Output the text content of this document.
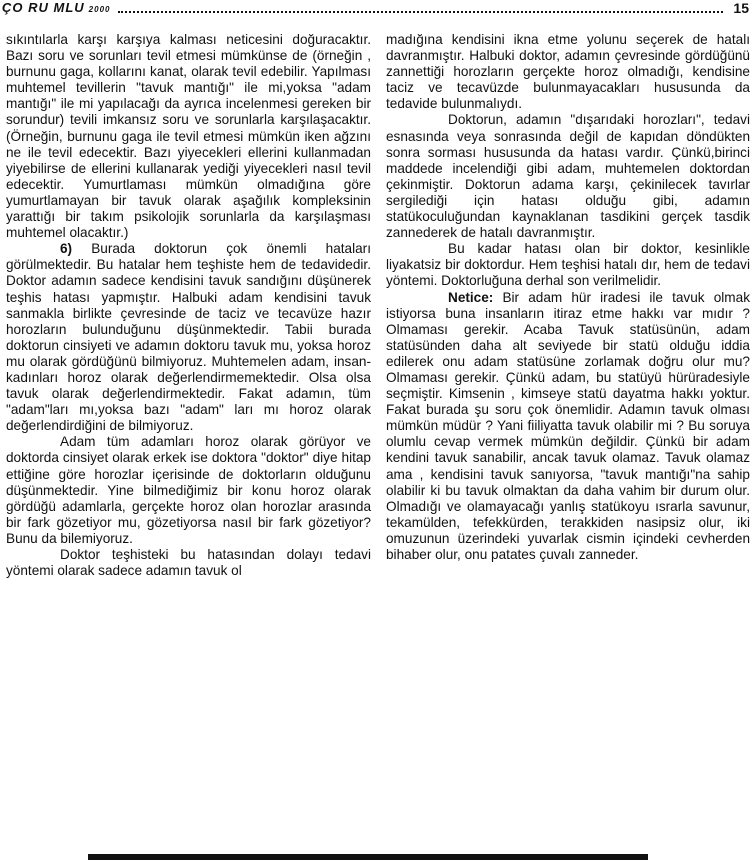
ÇO RU MLU 2000	15

sıkıntılarla karşı karşıya kalması neticesini doğuracaktır. Bazı soru ve sorunları tevil etmesi mümkünse de (örneğin , burnunu gaga, kollarını kanat, olarak tevil edebilir. Yapılması muhtemel tevillerin "tavuk mantığı" ile mi,yoksa "adam mantığı" ile mi yapılacağı da ayrıca incelenmesi gereken bir sorundur) tevili imkansız soru ve sorunlarla karşılaşacaktır. (Örneğin, burnunu gaga ile tevil etmesi mümkün iken ağzını ne ile tevil edecektir. Bazı yiyecekleri ellerini kullanmadan yiyebilirse de ellerini kullanarak yediği yiyecekleri nasıl tevil edecektir. Yumurtlaması mümkün olmadığına göre yumurtlamayan bir tavuk olarak aşağılık kompleksinin yarattığı bir takım psikolojik sorunlarla da karşılaşması muhtemel olacaktır.)

6) Burada doktorun çok önemli hataları görülmektedir. Bu hatalar hem teşhiste hem de tedavidedir. Doktor adamın sadece kendisini tavuk sandığını düşünerek teşhis hatası yapmıştır. Halbuki adam kendisini tavuk sanmakla birlikte çevresinde de taciz ve tecavüze hazır horozların bulunduğunu düşünmektedir. Tabii burada doktorun cinsiyeti ve adamın doktoru tavuk mu, yoksa horoz mu olarak gördüğünü bilmiyoruz. Muhtemelen adam, insan-kadınları horoz olarak değerlendirmemektedir. Olsa olsa tavuk olarak değerlendirmektedir. Fakat adamın, tüm "adam"ları mı,yoksa bazı "adam" ları mı horoz olarak değerlendirdiğini de bilmiyoruz.

Adam tüm adamları horoz olarak görüyor ve doktorda cinsiyet olarak erkek ise doktora "doktor" diye hitap ettiğine göre horozlar içerisinde de doktorların olduğunu düşünmektedir. Yine bilmediğimiz bir konu horoz olarak gördüğü adamlarla, gerçekte horoz olan horozlar arasında bir fark gözetiyor mu, gözetiyorsa nasıl bir fark gözetiyor? Bunu da bilemiyoruz.

Doktor teşhisteki bu hatasından dolayı tedavi yöntemi olarak sadece adamın tavuk ol

madığına kendisini ikna etme yolunu seçerek de hatalı davranmıştır. Halbuki doktor, adamın çevresinde gördüğünü zannettiği horozların gerçekte horoz olmadığı, kendisine taciz ve tecavüzde bulunmayacakları hususunda da tedavide bulunmalıydı.

Doktorun, adamın "dışarıdaki horozları", tedavi esnasında veya sonrasında değil de kapıdan döndükten sonra sorması hususunda da hatası vardır. Çünkü,birinci maddede incelendiği gibi adam, muhtemelen doktordan çekinmiştir. Doktorun adama karşı, çekinilecek tavırlar sergilediği için hatası olduğu gibi, adamın statükoculuğundan kaynaklanan tasdikini gerçek tasdik zannederek de hatalı davranmıştır.

Bu kadar hatası olan bir doktor, kesinlikle liyakatsiz bir doktordur. Hem teşhisi hatalı dır, hem de tedavi yöntemi. Doktorluğuna derhal son verilmelidir.

Netice: Bir adam hür iradesi ile tavuk olmak istiyorsa buna insanların itiraz etme hakkı var mıdır ? Olmaması gerekir. Acaba Tavuk statüsünün, adam statüsünden daha alt seviyede bir statü olduğu iddia edilerek onu adam statüsüne zorlamak doğru olur mu? Olmaması gerekir. Çünkü adam, bu statüyü hürüradesiyle seçmiştir. Kimsenin , kimseye statü dayatma hakkı yoktur. Fakat burada şu soru çok önemlidir. Adamın tavuk olması mümkün müdür ? Yani fiiliyatta tavuk olabilir mi ? Bu soruya olumlu cevap vermek mümkün değildir. Çünkü bir adam kendini tavuk sanabilir, ancak tavuk olamaz. Tavuk olamaz ama , kendisini tavuk sanıyorsa, "tavuk mantığı"na sahip olabilir ki bu tavuk olmaktan da daha vahim bir durum olur. Olmadığı ve olamayacağı yanlış statükoyu ısrarla savunur, tekamülden, tefekkürden, terakkiden nasipsiz olur, iki omuzunun üzerindeki yuvarlak cismin içindeki cevherden bihaber olur, onu patates çuvalı zanneder.
